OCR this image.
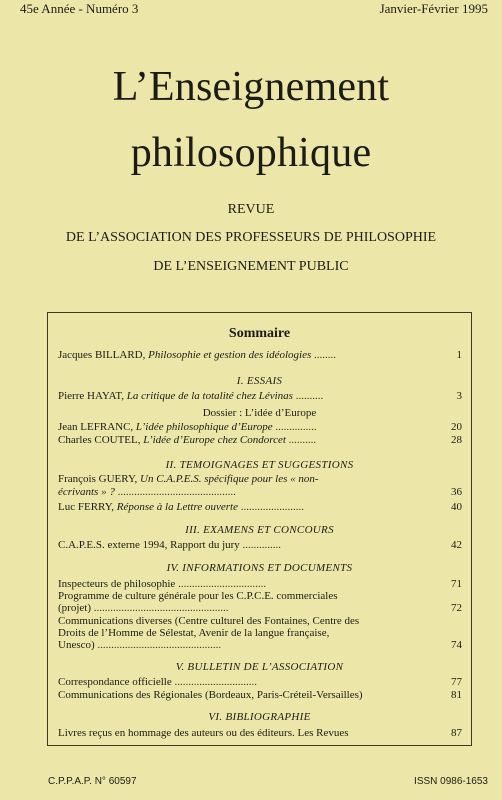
45e Année - Numéro 3	Janvier-Février 1995
L’Enseignement
philosophique
REVUE
DE L’ASSOCIATION DES PROFESSEURS DE PHILOSOPHIE
DE L’ENSEIGNEMENT PUBLIC
Sommaire
Jacques BILLARD, Philosophie et gestion des idéologies ........	1
I. ESSAIS
Pierre HAYAT, La critique de la totalité chez Lévinas ..........	3
Dossier : L’idée d’Europe
Jean LEFRANC, L’idée philosophique d’Europe ...............	20
Charles COUTEL, L’idée d’Europe chez Condorcet ..........	28
II. TEMOIGNAGES ET SUGGESTIONS
François GUERY, Un C.A.P.E.S. spécifique pour les « non-
écrivants » ? ...........................................	36
Luc FERRY, Réponse à la Lettre ouverte .......................	40
III. EXAMENS ET CONCOURS
C.A.P.E.S. externe 1994, Rapport du jury ..............	42
IV. INFORMATIONS ET DOCUMENTS
Inspecteurs de philosophie ................................	71
Programme de culture générale pour les C.P.C.E. commerciales
(projet) .................................................	72
Communications diverses (Centre culturel des Fontaines, Centre des
Droits de l’Homme de Sélestat, Avenir de la langue française,
Unesco) .............................................	74
V. BULLETIN DE L’ASSOCIATION
Correspondance officielle ..............................	77
Communications des Régionales (Bordeaux, Paris-Créteil-Versailles)	81
VI. BIBLIOGRAPHIE
Livres reçus en hommage des auteurs ou des éditeurs. Les Revues	87
C.P.P.A.P. N° 60597	ISSN 0986-1653
